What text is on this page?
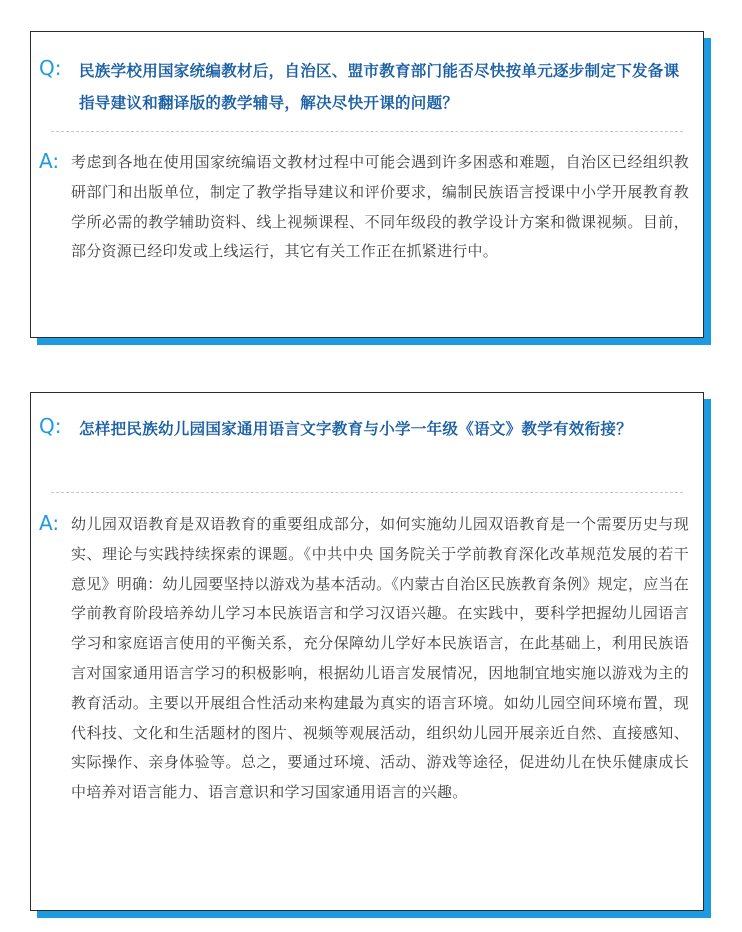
Q: 民族学校用国家统编教材后，自治区、盟市教育部门能否尽快按单元逐步制定下发备课指导建议和翻译版的教学辅导，解决尽快开课的问题？
A: 考虑到各地在使用国家统编语文教材过程中可能会遇到许多困惑和难题，自治区已经组织教研部门和出版单位，制定了教学指导建议和评价要求，编制民族语言授课中小学开展教育教学所必需的教学辅助资料、线上视频课程、不同年级段的教学设计方案和微课视频。目前，部分资源已经印发或上线运行，其它有关工作正在抓紧进行中。
Q: 怎样把民族幼儿园国家通用语言文字教育与小学一年级《语文》教学有效衔接？
A: 幼儿园双语教育是双语教育的重要组成部分，如何实施幼儿园双语教育是一个需要历史与现实、理论与实践持续探索的课题。《中共中央 国务院关于学前教育深化改革规范发展的若干意见》明确：幼儿园要坚持以游戏为基本活动。《内蒙古自治区民族教育条例》规定，应当在学前教育阶段培养幼儿学习本民族语言和学习汉语兴趣。在实践中，要科学把握幼儿园语言学习和家庭语言使用的平衡关系，充分保障幼儿学好本民族语言，在此基础上，利用民族语言对国家通用语言学习的积极影响，根据幼儿语言发展情况，因地制宜地实施以游戏为主的教育活动。主要以开展组合性活动来构建最为真实的语言环境。如幼儿园空间环境布置，现代科技、文化和生活题材的图片、视频等观展活动，组织幼儿园开展亲近自然、直接感知、实际操作、亲身体验等。总之，要通过环境、活动、游戏等途径，促进幼儿在快乐健康成长中培养对语言能力、语言意识和学习国家通用语言的兴趣。
